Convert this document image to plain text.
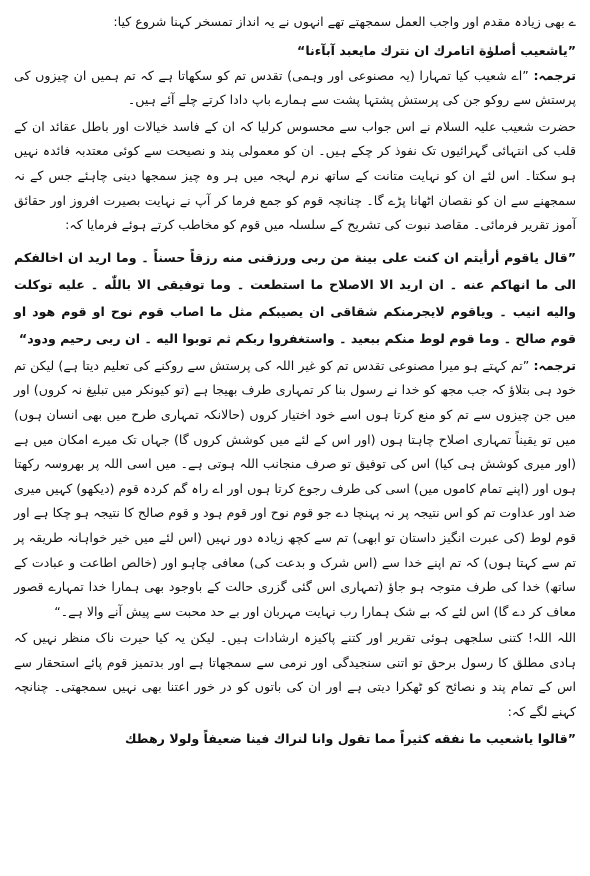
ے بھی زیادہ مقدم اور واجب العمل سمجھتے تھے انہوں نے یہ انداز تمسخر کہنا شروع کیا:

”یاشعیب أصلوٰة اتامرك ان نترك مایعبد آبآءنا“

ترجمہ: ”اے شعیب کیا تمہارا (یہ مصنوعی اور وہمی) تقدس تم کو سکھاتا ہے کہ تم ہمیں ان چیزوں کی پرستش سے روکو جن کی پرستش پشتہا پشت سے ہمارے باپ دادا کرتے چلے آئے ہیں۔

حضرت شعیب علیہ السلام نے اس جواب سے محسوس کرلیا کہ ان کے فاسد خیالات اور باطل عقائد ان کے قلب کی انتہائی گہرائیوں تک نفوذ کر چکے ہیں۔ ان کو معمولی پند و نصیحت سے کوئی معتدبہ فائدہ نہیں ہو سکتا۔ اس لئے ان کو نہایت متانت کے ساتھ نرم لہجہ میں ہر وہ چیز سمجھا دینی چاہئے جس کے نہ سمجھنے سے ان کو نقصان اٹھانا پڑے گا۔ چنانچہ قوم کو جمع فرما کر آپ نے نہایت بصیرت افروز اور حقائق آموز تقریر فرمائی۔ مقاصد نبوت کی تشریح کے سلسلہ میں قوم کو مخاطب کرتے ہوئے فرمایا کہ:

”قال یاقوم أرأیتم ان کنت علی بینة من ربی ورزقنی منه رزقاً حسناً ۔ وما ارید ان اخالفکم الی ما انھاکم عنه ۔ ان ارید الا الاصلاح ما استطعت ۔ وما توفیقی الا باللّٰه ۔ علیه توکلت والیه انیب ۔ ویاقوم لایجرمنکم شقاقی ان یصیبکم مثل ما اصاب قوم نوح او قوم ھود او قوم صالح ۔ وما قوم لوط منکم ببعید ۔ واستغفروا ربکم ثم توبوا الیه ۔ ان ربی رحیم ودود“

ترجمہ: ”تم کہتے ہو میرا مصنوعی تقدس تم کو غیر اللہ کی پرستش سے روکنے کی تعلیم دیتا ہے) لیکن تم خود ہی بتلاؤ کہ جب مجھ کو خدا نے رسول بنا کر تمہاری طرف بھیجا ہے (تو کیونکر میں تبلیغ نہ کروں) اور میں جن چیزوں سے تم کو منع کرتا ہوں اسے خود اختیار کروں (حالانکہ تمہاری طرح میں بھی انسان ہوں) میں تو یقیناً تمہاری اصلاح چاہتا ہوں (اور اس کے لئے میں کوشش کروں گا) جہاں تک میرے امکان میں ہے (اور میری کوشش ہی کیا) اس کی توفیق تو صرف منجانب اللہ ہوتی ہے۔ میں اسی اللہ پر بھروسہ رکھتا ہوں اور (اپنے تمام کاموں میں) اسی کی طرف رجوع کرتا ہوں اور اے راہ گم کردہ قوم (دیکھو) کہیں میری ضد اور عداوت تم کو اس نتیجہ پر نہ پہنچا دے جو قوم نوح اور قوم ہود و قوم صالح کا نتیجہ ہو چکا ہے اور قوم لوط (کی عبرت انگیز داستان تو ابھی) تم سے کچھ زیادہ دور نہیں (اس لئے میں خیر خواہانہ طریقہ پر تم سے کہتا ہوں) کہ تم اپنے خدا سے (اس شرک و بدعت کی) معافی چاہو اور (خالص اطاعت و عبادت کے ساتھ) خدا کی طرف متوجہ ہو جاؤ (تمہاری اس گئی گزری حالت کے باوجود بھی ہمارا خدا تمہارے قصور معاف کر دے گا) اس لئے کہ بے شک ہمارا رب نہایت مہربان اور بے حد محبت سے پیش آنے والا ہے۔“

اللہ اللہ! کتنی سلجھی ہوئی تقریر اور کتنے پاکیزہ ارشادات ہیں۔ لیکن یہ کیا حیرت ناک منظر نہیں کہ ہادی مطلق کا رسول برحق تو اتنی سنجیدگی اور نرمی سے سمجھاتا ہے اور بدتمیز قوم پائے استحقار سے اس کے تمام پند و نصائح کو ٹھکرا دیتی ہے اور ان کی باتوں کو در خور اعتنا بھی نہیں سمجھتی۔ چنانچہ کہنے لگے کہ:

”قالوا یاشعیب ما نفقه کثیراً مما تقول وانا لنراك فینا ضعیفاً ولولا رھطك
